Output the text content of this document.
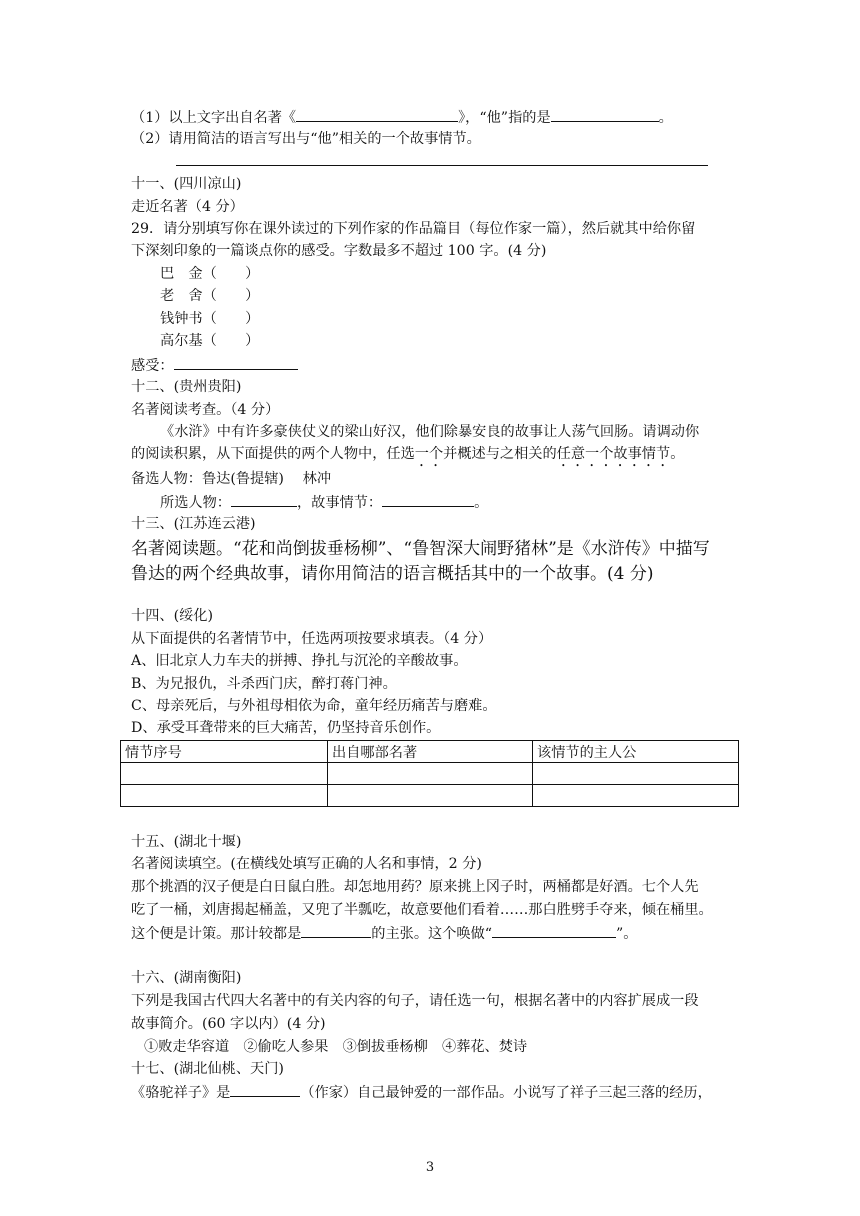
（1）以上文字出自名著《	》，“他”指的是	。
（2）请用简洁的语言写出与“他”相关的一个故事情节。
十一、(四川凉山)
走近名著（4 分）
29．请分别填写你在课外读过的下列作家的作品篇目（每位作家一篇），然后就其中给你留
下深刻印象的一篇谈点你的感受。字数最多不超过 100 字。(4 分)
巴　金（　　）
老　舍（　　）
钱钟书（　　）
高尔基（　　）
感受：
十二、(贵州贵阳)
名著阅读考查。（4 分）
《水浒》中有许多豪侠仗义的梁山好汉，他们除暴安良的故事让人荡气回肠。请调动你
的阅读积累，从下面提供的两个人物中，任选一个并概述与之相关的任意一个故事情节。
备选人物：鲁达(鲁提辖)　 林冲
所选人物：	，故事情节：	。
十三、(江苏连云港)
名著阅读题。“花和尚倒拔垂杨柳”、“鲁智深大闹野猪林”是《水浒传》中描写
鲁达的两个经典故事，请你用简洁的语言概括其中的一个故事。(4 分)
十四、(绥化)
从下面提供的名著情节中，任选两项按要求填表。（4 分）
A、旧北京人力车夫的拼搏、挣扎与沉沦的辛酸故事。
B、为兄报仇，斗杀西门庆，醉打蒋门神。
C、母亲死后，与外祖母相依为命，童年经历痛苦与磨难。
D、承受耳聋带来的巨大痛苦，仍坚持音乐创作。
情节序号	出自哪部名著	该情节的主人公

十五、(湖北十堰)
名著阅读填空。(在横线处填写正确的人名和事情，2 分)
那个挑酒的汉子便是白日鼠白胜。却怎地用药？原来挑上冈子时，两桶都是好酒。七个人先
吃了一桶，刘唐揭起桶盖，又兜了半瓢吃，故意要他们看着……那白胜劈手夺来，倾在桶里。
这个便是计策。那计较都是	的主张。这个唤做“	”。
十六、(湖南衡阳)
下列是我国古代四大名著中的有关内容的句子，请任选一句，根据名著中的内容扩展成一段
故事简介。(60 字以内）(4 分)
①败走华容道　②偷吃人参果　③倒拔垂杨柳　④葬花、焚诗
十七、(湖北仙桃、天门)
《骆驼祥子》是	（作家）自己最钟爱的一部作品。小说写了祥子三起三落的经历，
3
